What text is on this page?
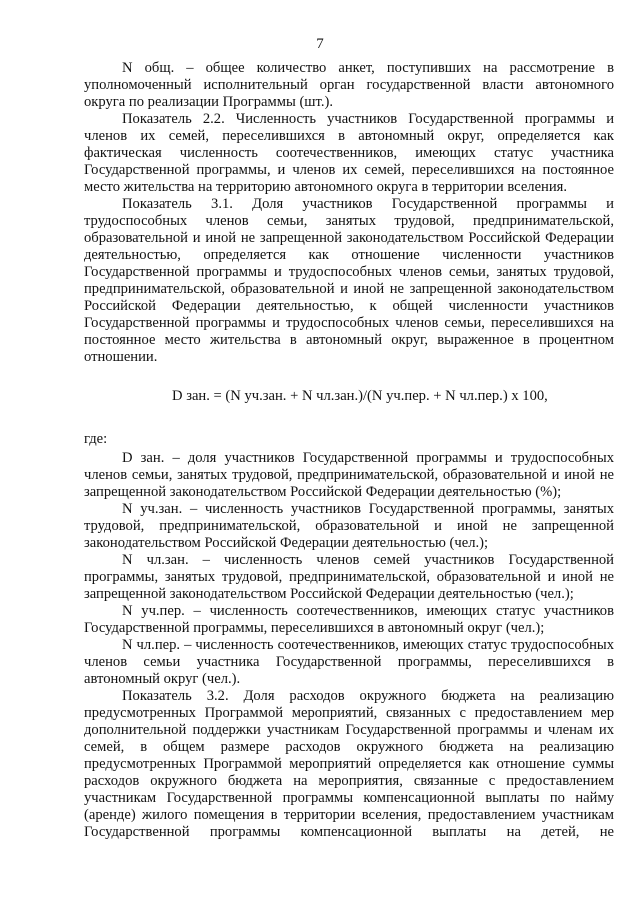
7

N общ. – общее количество анкет, поступивших на рассмотрение в уполномоченный исполнительный орган государственной власти автономного округа по реализации Программы (шт.).

Показатель 2.2. Численность участников Государственной программы и членов их семей, переселившихся в автономный округ, определяется как фактическая численность соотечественников, имеющих статус участника Государственной программы, и членов их семей, переселившихся на постоянное место жительства на территорию автономного округа в территории вселения.

Показатель 3.1. Доля участников Государственной программы и трудоспособных членов семьи, занятых трудовой, предпринимательской, образовательной и иной не запрещенной законодательством Российской Федерации деятельностью, определяется как отношение численности участников Государственной программы и трудоспособных членов семьи, занятых трудовой, предпринимательской, образовательной и иной не запрещенной законодательством Российской Федерации деятельностью, к общей численности участников Государственной программы и трудоспособных членов семьи, переселившихся на постоянное место жительства в автономный округ, выраженное в процентном отношении.

D зан. = (N уч.зан. + N чл.зан.)/(N уч.пер. + N чл.пер.) x 100,

где:

D зан. – доля участников Государственной программы и трудоспособных членов семьи, занятых трудовой, предпринимательской, образовательной и иной не запрещенной законодательством Российской Федерации деятельностью (%);

N уч.зан. – численность участников Государственной программы, занятых трудовой, предпринимательской, образовательной и иной не запрещенной законодательством Российской Федерации деятельностью (чел.);

N чл.зан. – численность членов семей участников Государственной программы, занятых трудовой, предпринимательской, образовательной и иной не запрещенной законодательством Российской Федерации деятельностью (чел.);

N уч.пер. – численность соотечественников, имеющих статус участников Государственной программы, переселившихся в автономный округ (чел.);

N чл.пер. – численность соотечественников, имеющих статус трудоспособных членов семьи участника Государственной программы, переселившихся в автономный округ (чел.).

Показатель 3.2. Доля расходов окружного бюджета на реализацию предусмотренных Программой мероприятий, связанных с предоставлением мер дополнительной поддержки участникам Государственной программы и членам их семей, в общем размере расходов окружного бюджета на реализацию предусмотренных Программой мероприятий определяется как отношение суммы расходов окружного бюджета на мероприятия, связанные с предоставлением участникам Государственной программы компенсационной выплаты по найму (аренде) жилого помещения в территории вселения, предоставлением участникам Государственной программы компенсационной выплаты на детей, не
